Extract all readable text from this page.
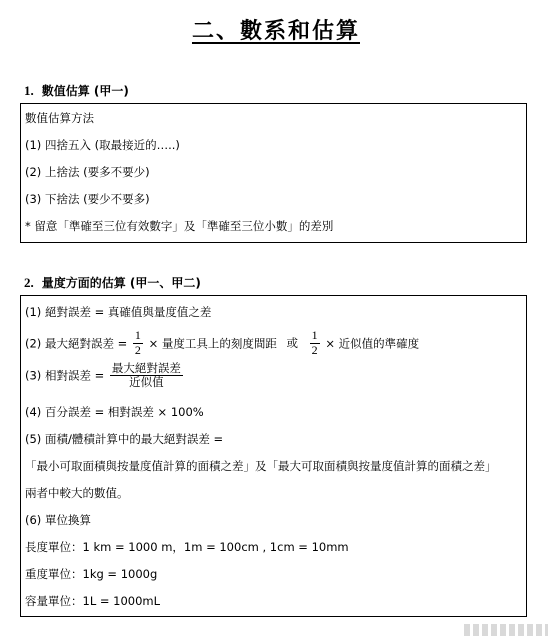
二、數系和估算
1. 數值估算 (甲一)
數值估算方法
(1) 四捨五入 (取最接近的…..)
(2) 上捨法 (要多不要少)
(3) 下捨法 (要少不要多)
* 留意「準確至三位有效數字」及「準確至三位小數」的差別
2. 量度方面的估算 (甲一、甲二)
(1) 絕對誤差 = 真確值與量度值之差
(2) 最大絕對誤差 = $\frac{1}{2}$ × 量度工具上的刻度間距 或 $\frac{1}{2}$ × 近似值的準確度
(3) 相對誤差 = $\frac{\text{最大絕對誤差}}{\text{近似值}}$
(4) 百分誤差 = 相對誤差 × 100%
(5) 面積/體積計算中的最大絕對誤差 =
「最小可取面積與按量度值計算的面積之差」及「最大可取面積與按量度值計算的面積之差」
兩者中較大的數值。
(6) 單位換算
長度單位：1 km = 1000 m，1m = 100cm , 1cm = 10mm
重度單位：1kg = 1000g
容量單位：1L = 1000mL
